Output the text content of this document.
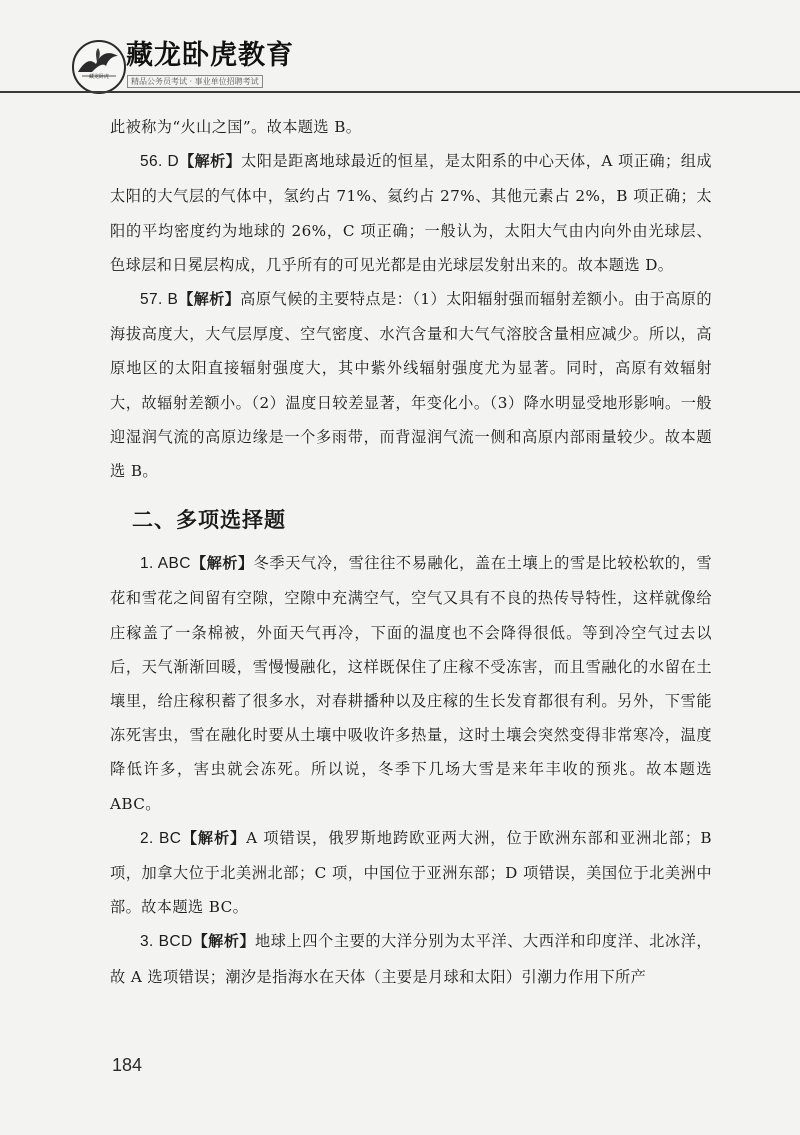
藏龙卧虎
藏龙卧虎教育
精品公务员考试 · 事业单位招聘考试

此被称为“火山之国”。故本题选 B。

56. D【解析】太阳是距离地球最近的恒星，是太阳系的中心天体，A 项正确；组成太阳的大气层的气体中，氢约占 71%、氦约占 27%、其他元素占 2%，B 项正确；太阳的平均密度约为地球的 26%，C 项正确；一般认为，太阳大气由内向外由光球层、色球层和日冕层构成，几乎所有的可见光都是由光球层发射出来的。故本题选 D。

57. B【解析】高原气候的主要特点是：（1）太阳辐射强而辐射差额小。由于高原的海拔高度大，大气层厚度、空气密度、水汽含量和大气气溶胶含量相应减少。所以，高原地区的太阳直接辐射强度大，其中紫外线辐射强度尤为显著。同时，高原有效辐射大，故辐射差额小。（2）温度日较差显著，年变化小。（3）降水明显受地形影响。一般迎湿润气流的高原边缘是一个多雨带，而背湿润气流一侧和高原内部雨量较少。故本题选 B。

二、多项选择题

1. ABC【解析】冬季天气冷，雪往往不易融化，盖在土壤上的雪是比较松软的，雪花和雪花之间留有空隙，空隙中充满空气，空气又具有不良的热传导特性，这样就像给庄稼盖了一条棉被，外面天气再冷，下面的温度也不会降得很低。等到冷空气过去以后，天气渐渐回暖，雪慢慢融化，这样既保住了庄稼不受冻害，而且雪融化的水留在土壤里，给庄稼积蓄了很多水，对春耕播种以及庄稼的生长发育都很有利。另外，下雪能冻死害虫，雪在融化时要从土壤中吸收许多热量，这时土壤会突然变得非常寒冷，温度降低许多，害虫就会冻死。所以说，冬季下几场大雪是来年丰收的预兆。故本题选 ABC。

2. BC【解析】A 项错误，俄罗斯地跨欧亚两大洲，位于欧洲东部和亚洲北部；B 项，加拿大位于北美洲北部；C 项，中国位于亚洲东部；D 项错误，美国位于北美洲中部。故本题选 BC。

3. BCD【解析】地球上四个主要的大洋分别为太平洋、大西洋和印度洋、北冰洋，故 A 选项错误；潮汐是指海水在天体（主要是月球和太阳）引潮力作用下所产

184
